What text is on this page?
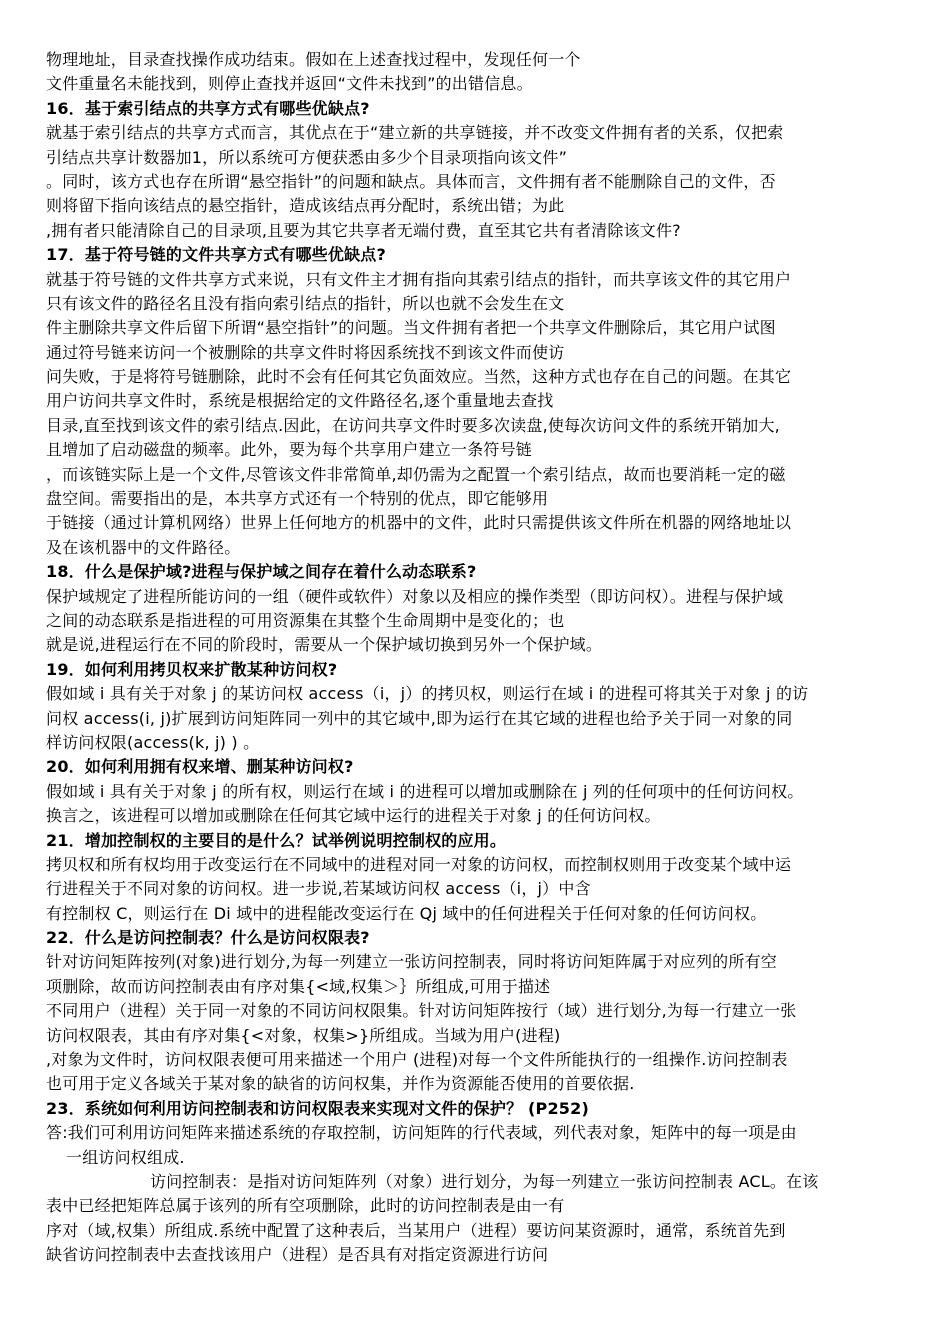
物理地址，目录查找操作成功结束。假如在上述查找过程中，发现任何一个
文件重量名未能找到，则停止查找并返回“文件未找到”的出错信息。
16．基于索引结点的共享方式有哪些优缺点?
就基于索引结点的共享方式而言，其优点在于“建立新的共享链接，并不改变文件拥有者的关系，仅把索
引结点共享计数器加1，所以系统可方便获悉由多少个目录项指向该文件”
。同时，该方式也存在所谓“悬空指针”的问题和缺点。具体而言，文件拥有者不能删除自己的文件，否
则将留下指向该结点的悬空指针，造成该结点再分配时，系统出错；为此
,拥有者只能清除自己的目录项,且要为其它共享者无端付费，直至其它共有者清除该文件?
17．基于符号链的文件共享方式有哪些优缺点?
就基于符号链的文件共享方式来说，只有文件主才拥有指向其索引结点的指针，而共享该文件的其它用户
只有该文件的路径名且没有指向索引结点的指针，所以也就不会发生在文
件主删除共享文件后留下所谓“悬空指针”的问题。当文件拥有者把一个共享文件删除后，其它用户试图
通过符号链来访问一个被删除的共享文件时将因系统找不到该文件而使访
问失败，于是将符号链删除，此时不会有任何其它负面效应。当然，这种方式也存在自己的问题。在其它
用户访问共享文件时，系统是根据给定的文件路径名,逐个重量地去查找
目录,直至找到该文件的索引结点.因此，在访问共享文件时要多次读盘,使每次访问文件的系统开销加大,
且增加了启动磁盘的频率。此外，要为每个共享用户建立一条符号链
，而该链实际上是一个文件,尽管该文件非常简单,却仍需为之配置一个索引结点，故而也要消耗一定的磁
盘空间。需要指出的是，本共享方式还有一个特别的优点，即它能够用
于链接（通过计算机网络）世界上任何地方的机器中的文件，此时只需提供该文件所在机器的网络地址以
及在该机器中的文件路径。
18．什么是保护域?进程与保护域之间存在着什么动态联系?
保护域规定了进程所能访问的一组（硬件或软件）对象以及相应的操作类型（即访问权）。进程与保护域
之间的动态联系是指进程的可用资源集在其整个生命周期中是变化的；也
就是说,进程运行在不同的阶段时，需要从一个保护域切换到另外一个保护域。
19．如何利用拷贝权来扩散某种访问权?
假如域 i 具有关于对象 j 的某访问权 access（i，j）的拷贝权，则运行在域 i 的进程可将其关于对象 j 的访
问权 access(i, j)扩展到访问矩阵同一列中的其它域中,即为运行在其它域的进程也给予关于同一对象的同
样访问权限(access(k, j) ) 。
20．如何利用拥有权来增、删某种访问权?
假如域 i 具有关于对象 j 的所有权，则运行在域 i 的进程可以增加或删除在 j 列的任何项中的任何访问权。
换言之，该进程可以增加或删除在任何其它域中运行的进程关于对象 j 的任何访问权。
21．增加控制权的主要目的是什么？试举例说明控制权的应用。
拷贝权和所有权均用于改变运行在不同域中的进程对同一对象的访问权，而控制权则用于改变某个域中运
行进程关于不同对象的访问权。进一步说,若某域访问权 access（i，j）中含
有控制权 C，则运行在 Di 域中的进程能改变运行在 Qj 域中的任何进程关于任何对象的任何访问权。
22．什么是访问控制表？什么是访问权限表?
针对访问矩阵按列(对象)进行划分,为每一列建立一张访问控制表，同时将访问矩阵属于对应列的所有空
项删除，故而访问控制表由有序对集{<域,权集＞｝所组成,可用于描述
不同用户（进程）关于同一对象的不同访问权限集。针对访问矩阵按行（域）进行划分,为每一行建立一张
访问权限表，其由有序对集{<对象，权集>}所组成。当域为用户(进程)
,对象为文件时，访问权限表便可用来描述一个用户 (进程)对每一个文件所能执行的一组操作.访问控制表
也可用于定义各域关于某对象的缺省的访问权集，并作为资源能否使用的首要依据.
23．系统如何利用访问控制表和访问权限表来实现对文件的保护？ (P252)
答:我们可利用访问矩阵来描述系统的存取控制，访问矩阵的行代表域，列代表对象，矩阵中的每一项是由
一组访问权组成.
访问控制表：是指对访问矩阵列（对象）进行划分，为每一列建立一张访问控制表 ACL。在该
表中已经把矩阵总属于该列的所有空项删除，此时的访问控制表是由一有
序对（域,权集）所组成.系统中配置了这种表后，当某用户（进程）要访问某资源时，通常，系统首先到
缺省访问控制表中去查找该用户（进程）是否具有对指定资源进行访问
